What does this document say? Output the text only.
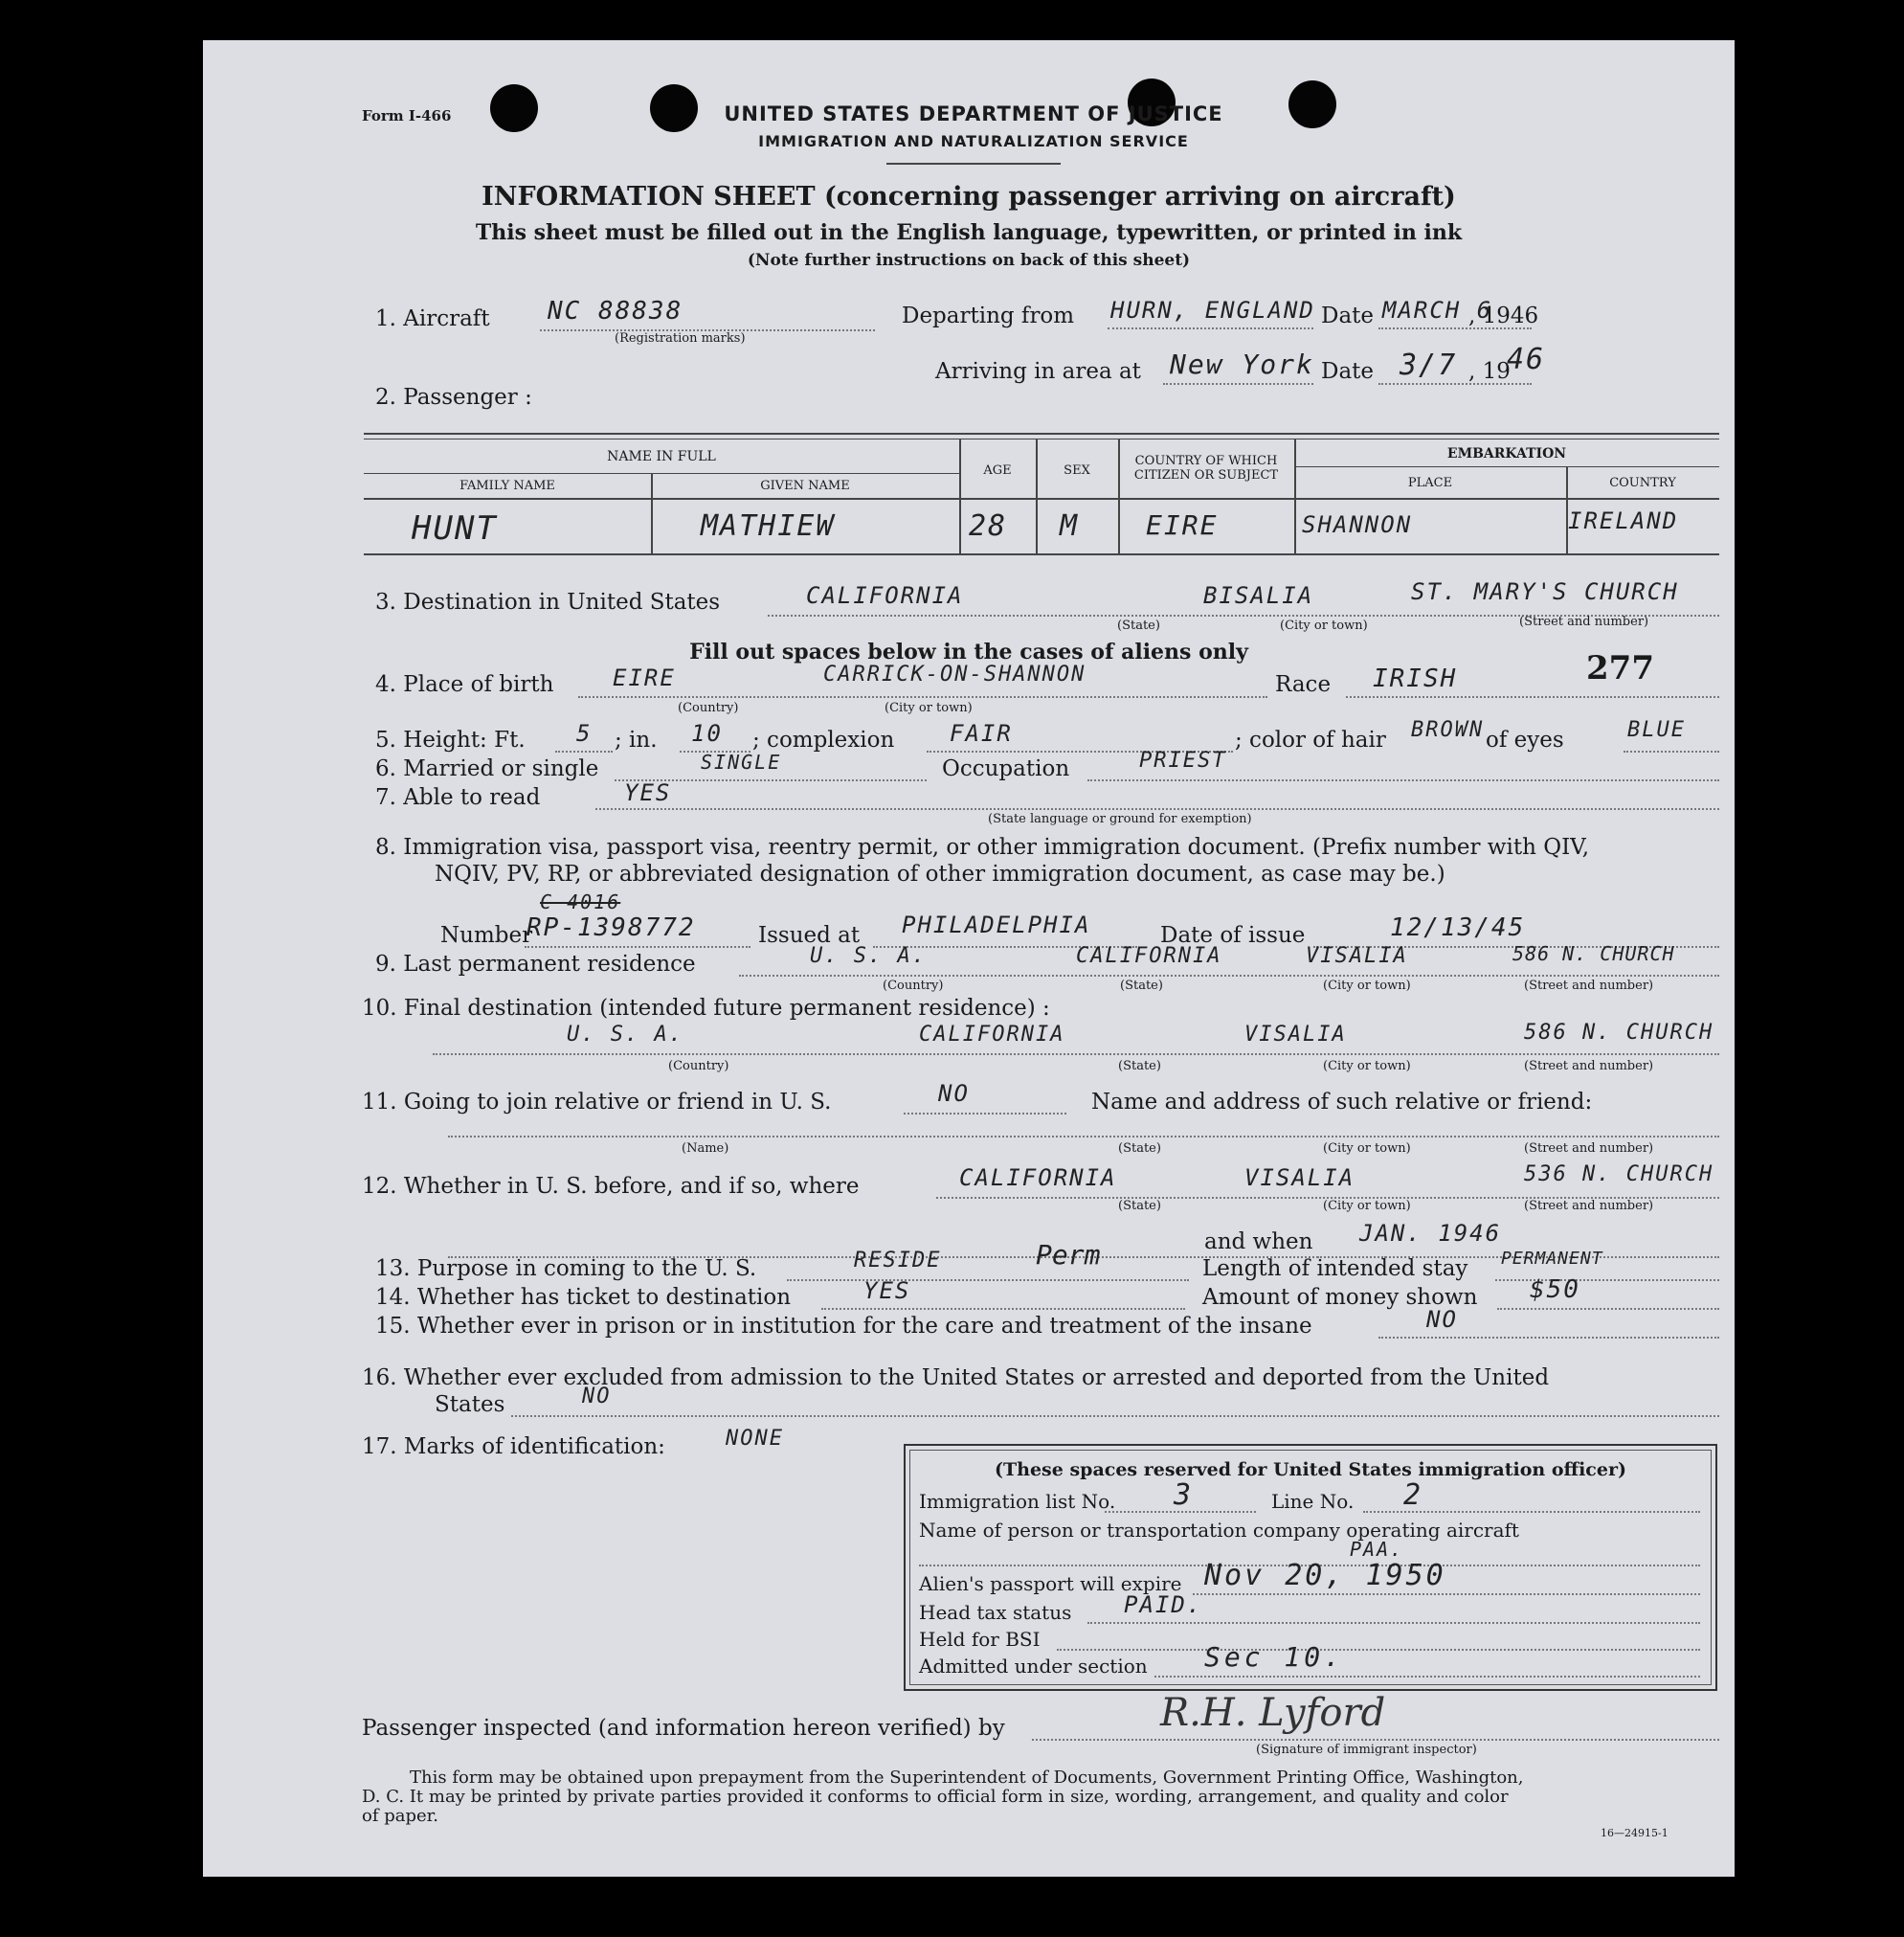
Form I-466	UNITED STATES DEPARTMENT OF JUSTICE
IMMIGRATION AND NATURALIZATION SERVICE
INFORMATION SHEET (concerning passenger arriving on aircraft)
This sheet must be filled out in the English language, typewritten, or printed in ink
(Note further instructions on back of this sheet)
1. Aircraft NC 88838
(Registration marks)
Departing from HURN, ENGLAND Date MARCH 6
, 1946
Arriving in area at New York Date 3/7 , 19
46
2. Passenger :
NAME IN FULL
FAMILY NAME	GIVEN NAME
AGE	SEX
COUNTRY OF WHICH CITIZEN OR SUBJECT
EMBARKATION
PLACE	COUNTRY
HUNT	MATHIEW	28 M EIRE	SHANNON	IRELAND
3. Destination in United States	CALIFORNIA	BISALIA	ST. MARY'S CHURCH
(State)	(City or town)	(Street and number)
Fill out spaces below in the cases of aliens only
4. Place of birth	EIRE	CARRICK-ON-SHANNON
(Country)	(City or town)
Race IRISH	277
5. Height: Ft. 5 ; in. 10 ; complexion FAIR	; color of hair BROWN of eyes	BLUE
6. Married or single	SINGLE	Occupation	PRIEST
7. Able to read	YES
(State language or ground for exemption)
8. Immigration visa, passport visa, reentry permit, or other immigration document. (Prefix number with QIV,
NQIV, PV, RP, or abbreviated designation of other immigration document, as case may be.)
Number
C-4016
RP-1398772	Issued at PHILADELPHIA	Date of issue	12/13/45
9. Last permanent residence	U. S. A.	CALIFORNIA	VISALIA	586 N. CHURCH
(Country)	(State)	(City or town)	(Street and number)
10. Final destination (intended future permanent residence) :
U. S. A.	CALIFORNIA	VISALIA	586 N. CHURCH
(Country)	(State)	(City or town)	(Street and number)
11. Going to join relative or friend in U. S.	NO	Name and address of such relative or friend:
(Name)	(State)	(City or town)	(Street and number)
12. Whether in U. S. before, and if so, where	CALIFORNIA	VISALIA	536 N. CHURCH
(State)	(City or town)	(Street and number)
and when JAN. 1946
13. Purpose in coming to the U. S.	RESIDE	Perm	Length of intended stay PERMANENT
14. Whether has ticket to destination	YES	Amount of money shown $50
15. Whether ever in prison or in institution for the care and treatment of the insane	NO
16. Whether ever excluded from admission to the United States or arrested and deported from the United
States	NO
17. Marks of identification:	NONE
(These spaces reserved for United States immigration officer)
Immigration list No. 3	Line No. 2
Name of person or transportation company operating aircraft
PAA.
Alien's passport will expire Nov 20, 1950
Head tax status PAID.
Held for BSI
Admitted under section Sec 10.
Passenger inspected (and information hereon verified) by	R.H. Lyford
(Signature of immigrant inspector)
This form may be obtained upon prepayment from the Superintendent of Documents, Government Printing Office, Washington,
D. C. It may be printed by private parties provided it conforms to official form in size, wording, arrangement, and quality and color
of paper.
16—24915-1
